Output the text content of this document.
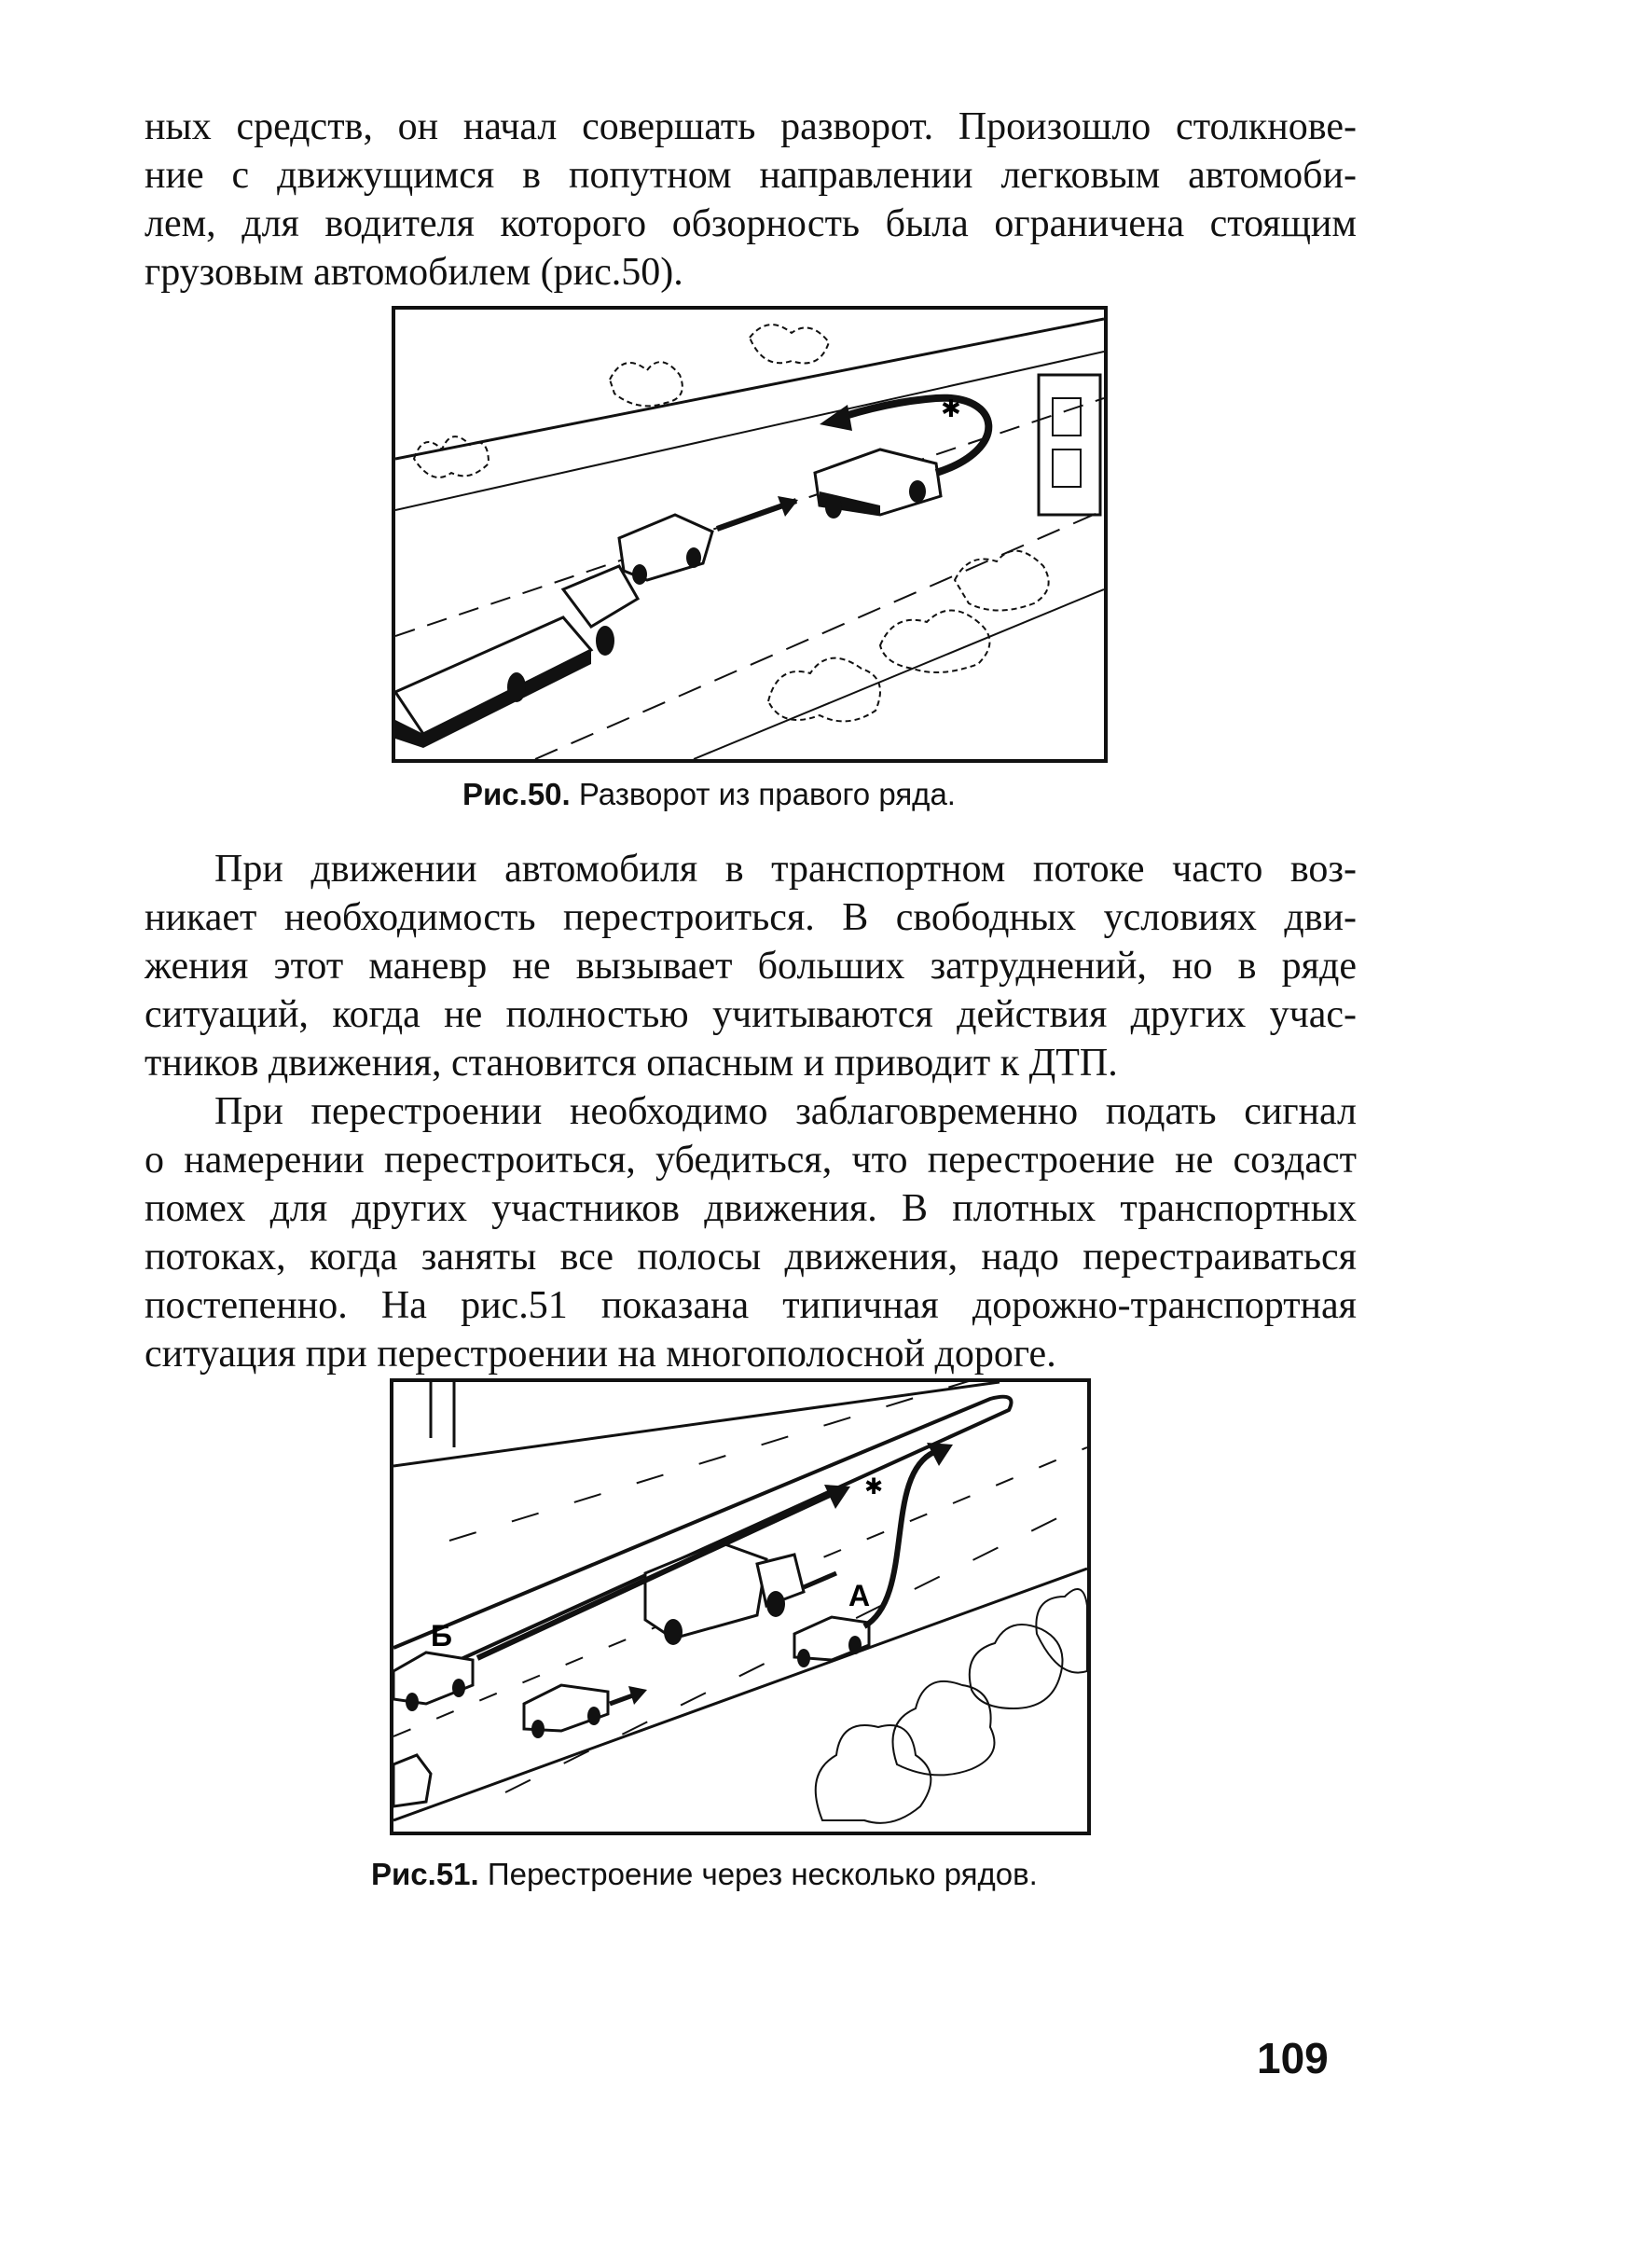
ных средств, он начал совершать разворот. Произошло столкнове-
ние с движущимся в попутном направлении легковым автомоби-
лем, для водителя которого обзорность была ограничена стоящим
грузовым автомобилем (рис.50).
✱
Рис.50. Разворот из правого ряда.
При движении автомобиля в транспортном потоке часто воз-
никает необходимость перестроиться. В свободных условиях дви-
жения этот маневр не вызывает больших затруднений, но в ряде
ситуаций, когда не полностью учитываются действия других учас-
тников движения, становится опасным и приводит к ДТП.
При перестроении необходимо заблаговременно подать сигнал
о намерении перестроиться, убедиться, что перестроение не создаст
помех для других участников движения. В плотных транспортных
потоках, когда заняты все полосы движения, надо перестраиваться
постепенно. На рис.51 показана типичная дорожно-транспортная
ситуация при перестроении на многополосной дороге.
А
Б
✱
Рис.51. Перестроение через несколько рядов.
109
